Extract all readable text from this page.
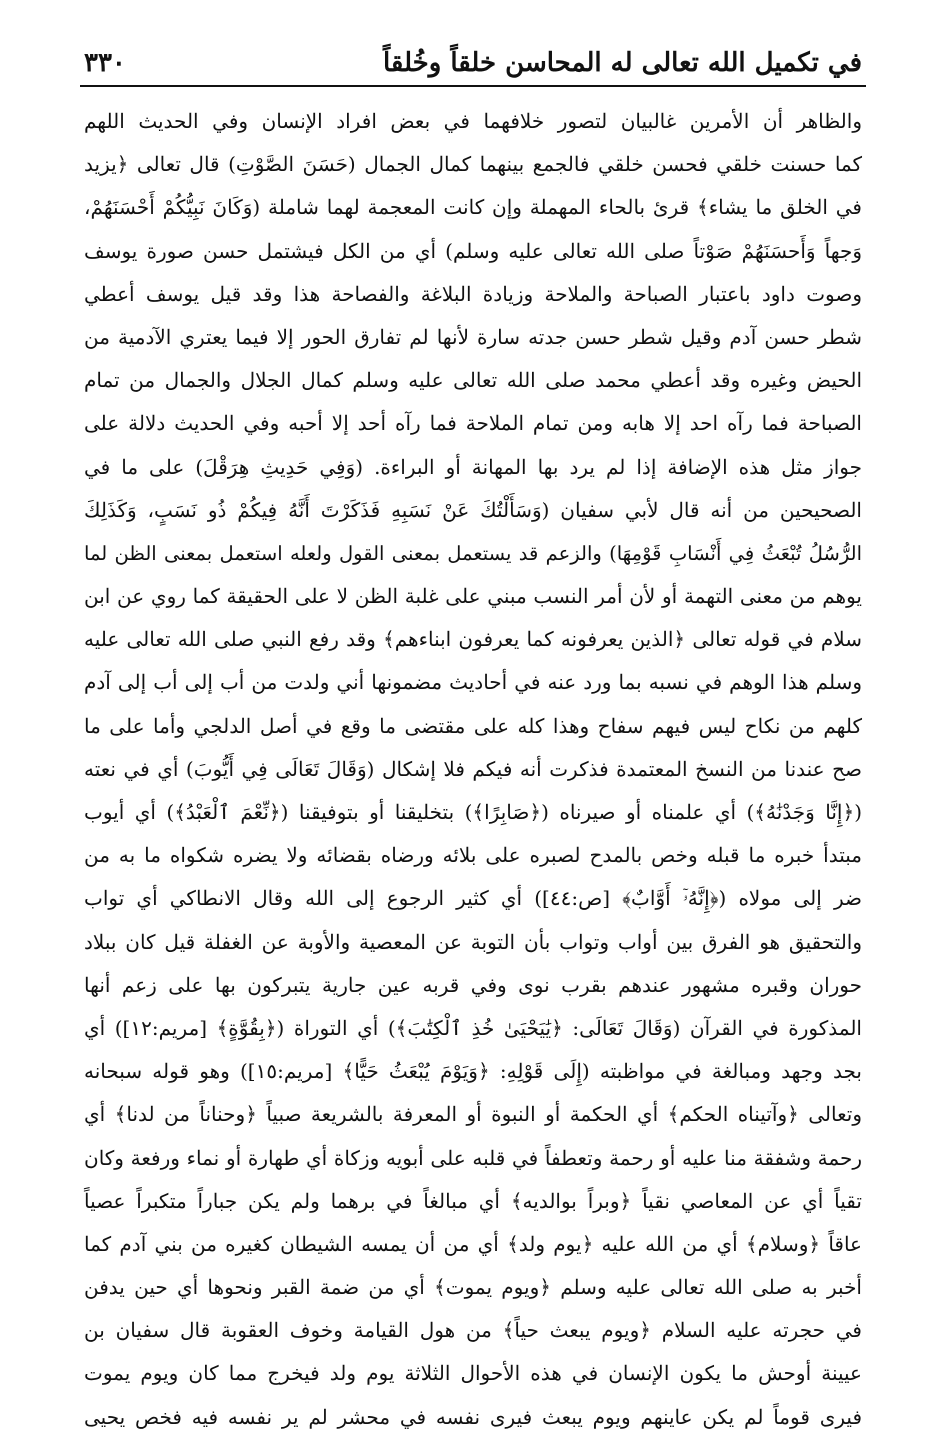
في تكميل الله تعالى له المحاسن خلقاً وخُلقاً
٣٣٠
والظاهر أن الأمرين غالبيان لتصور خلافهما في بعض افراد الإنسان وفي الحديث اللهم
كما حسنت خلقي فحسن خلقي فالجمع بينهما كمال الجمال (حَسَنَ الصَّوْتِ) قال تعالى ﴿يزيد
في الخلق ما يشاء﴾ قرئ بالحاء المهملة وإن كانت المعجمة لهما شاملة (وَكَانَ نَبِيُّكُمْ أَحْسَنَهُمْ،
وَجهاً وَأَحسَنَهُمْ صَوْتاً صلى الله تعالى عليه وسلم) أي من الكل فيشتمل حسن صورة يوسف
وصوت داود باعتبار الصباحة والملاحة وزيادة البلاغة والفصاحة هذا وقد قيل يوسف أعطي
شطر حسن آدم وقيل شطر حسن جدته سارة لأنها لم تفارق الحور إلا فيما يعتري الآدمية من
الحيض وغيره وقد أعطي محمد صلى الله تعالى عليه وسلم كمال الجلال والجمال من تمام
الصباحة فما رآه احد إلا هابه ومن تمام الملاحة فما رآه أحد إلا أحبه وفي الحديث دلالة على
جواز مثل هذه الإضافة إذا لم يرد بها المهانة أو البراءة. (وَفِي حَدِيثِ هِرَقْلَ) على ما في
الصحيحين من أنه قال لأبي سفيان (وَسَأَلْتُكَ عَنْ نَسَبِهِ فَذَكَرْتَ أَنَّهُ فِيكُمْ ذُو نَسَبٍ، وَكَذَلِكَ
الرُّسُلُ تُبْعَثُ فِي أَنْسَابِ قَوْمِهَا) والزعم قد يستعمل بمعنى القول ولعله استعمل بمعنى الظن لما
يوهم من معنى التهمة أو لأن أمر النسب مبني على غلبة الظن لا على الحقيقة كما روي عن ابن
سلام في قوله تعالى ﴿الذين يعرفونه كما يعرفون ابناءهم﴾ وقد رفع النبي صلى الله تعالى عليه
وسلم هذا الوهم في نسبه بما ورد عنه في أحاديث مضمونها أني ولدت من أب إلى أب إلى آدم
كلهم من نكاح ليس فيهم سفاح وهذا كله على مقتضى ما وقع في أصل الدلجي وأما على ما
صح عندنا من النسخ المعتمدة فذكرت أنه فيكم فلا إشكال (وَقَالَ تَعَالَى فِي أَيُّوبَ) أي في نعته
(﴿إِنَّا وَجَدْنَٰهُ﴾) أي علمناه أو صيرناه (﴿صَابِرًا﴾) بتخليقنا أو بتوفيقنا (﴿نِّعْمَ ٱلْعَبْدُ﴾) أي أيوب
مبتدأ خبره ما قبله وخص بالمدح لصبره على بلائه ورضاه بقضائه ولا يضره شكواه ما به من
ضر إلى مولاه (﴿إِنَّهُۥٓ أَوَّابٌ﴾ [ص:٤٤]) أي كثير الرجوع إلى الله وقال الانطاكي أي تواب
والتحقيق هو الفرق بين أواب وتواب بأن التوبة عن المعصية والأوبة عن الغفلة قيل كان ببلاد
حوران وقبره مشهور عندهم بقرب نوى وفي قربه عين جارية يتبركون بها على زعم أنها
المذكورة في القرآن (وَقَالَ تَعَالَى: ﴿يَٰيَحْيَىٰ خُذِ ٱلْكِتَٰبَ﴾) أي التوراة (﴿بِقُوَّةٍ﴾ [مريم:١٢]) أي
بجد وجهد ومبالغة في مواظبته (إِلَى قَوْلِهِ: ﴿وَيَوْمَ يُبْعَثُ حَيًّا﴾ [مريم:١٥]) وهو قوله سبحانه
وتعالى ﴿وآتيناه الحكم﴾ أي الحكمة أو النبوة أو المعرفة بالشريعة صبياً ﴿وحناناً من لدنا﴾ أي
رحمة وشفقة منا عليه أو رحمة وتعطفاً في قلبه على أبويه وزكاة أي طهارة أو نماء ورفعة وكان
تقياً أي عن المعاصي نقياً ﴿وبراً بوالديه﴾ أي مبالغاً في برهما ولم يكن جباراً متكبراً عصياً
عاقاً ﴿وسلام﴾ أي من الله عليه ﴿يوم ولد﴾ أي من أن يمسه الشيطان كغيره من بني آدم كما
أخبر به صلى الله تعالى عليه وسلم ﴿ويوم يموت﴾ أي من ضمة القبر ونحوها أي حين يدفن
في حجرته عليه السلام ﴿ويوم يبعث حياً﴾ من هول القيامة وخوف العقوبة قال سفيان بن
عيينة أوحش ما يكون الإنسان في هذه الأحوال الثلاثة يوم ولد فيخرج مما كان ويوم يموت
فيرى قوماً لم يكن عاينهم ويوم يبعث فيرى نفسه في محشر لم ير نفسه فيه فخص يحيى
